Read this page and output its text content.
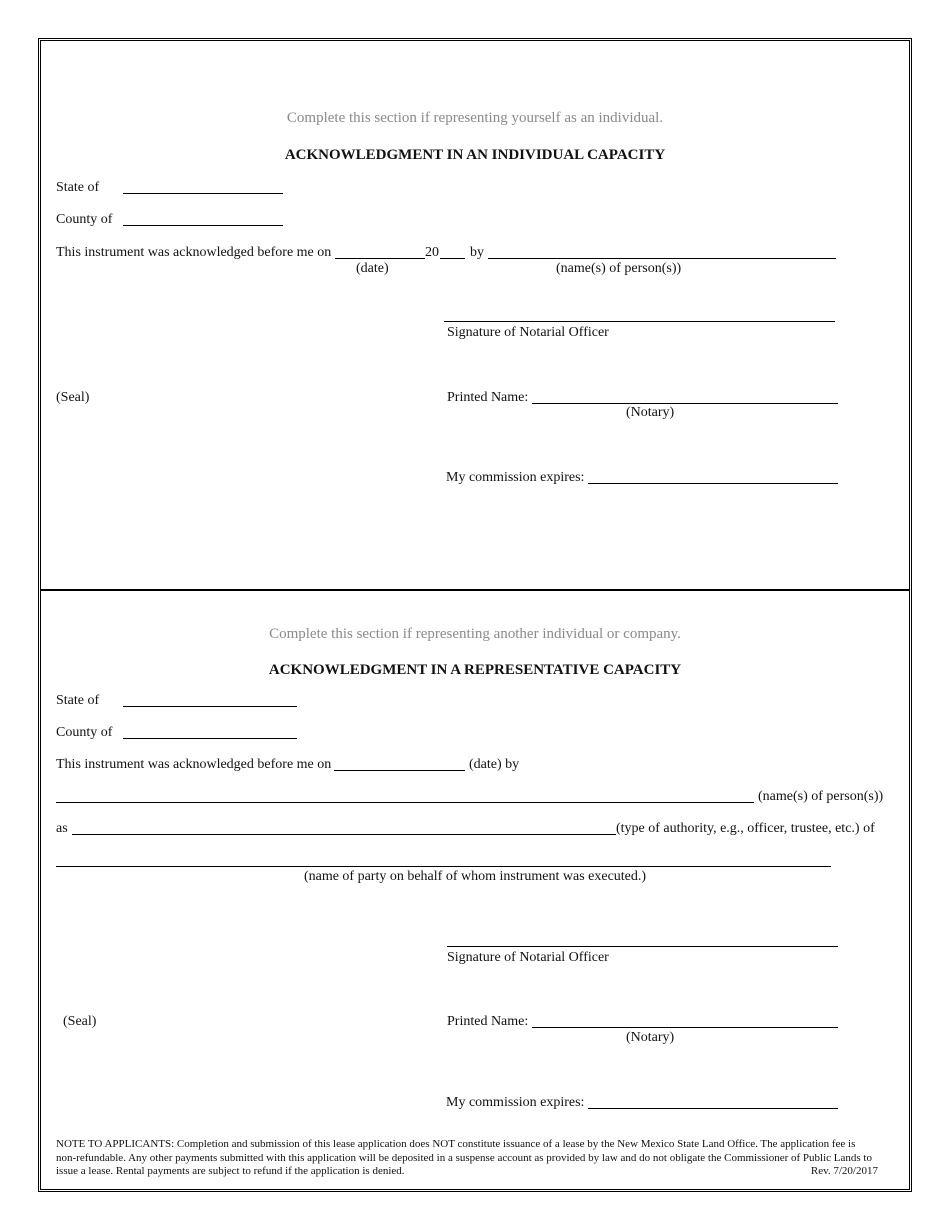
Complete this section if representing yourself as an individual.
ACKNOWLEDGMENT IN AN INDIVIDUAL CAPACITY
State of
County of
This instrument was acknowledged before me on	20 by
(date)	(name(s) of person(s))
Signature of Notarial Officer
(Seal)	Printed Name:
(Notary)
My commission expires:
Complete this section if representing another individual or company.
ACKNOWLEDGMENT IN A REPRESENTATIVE CAPACITY
State of
County of
This instrument was acknowledged before me on	(date) by
(name(s) of person(s))
as	(type of authority, e.g., officer, trustee, etc.) of
(name of party on behalf of whom instrument was executed.)
Signature of Notarial Officer
(Seal)	Printed Name:
(Notary)
My commission expires:
NOTE TO APPLICANTS: Completion and submission of this lease application does NOT constitute issuance of a lease by the New Mexico State Land Office. The application fee is non-refundable. Any other payments submitted with this application will be deposited in a suspense account as provided by law and do not obligate the Commissioner of Public Lands to issue a lease. Rental payments are subject to refund if the application is denied.	Rev. 7/20/2017
